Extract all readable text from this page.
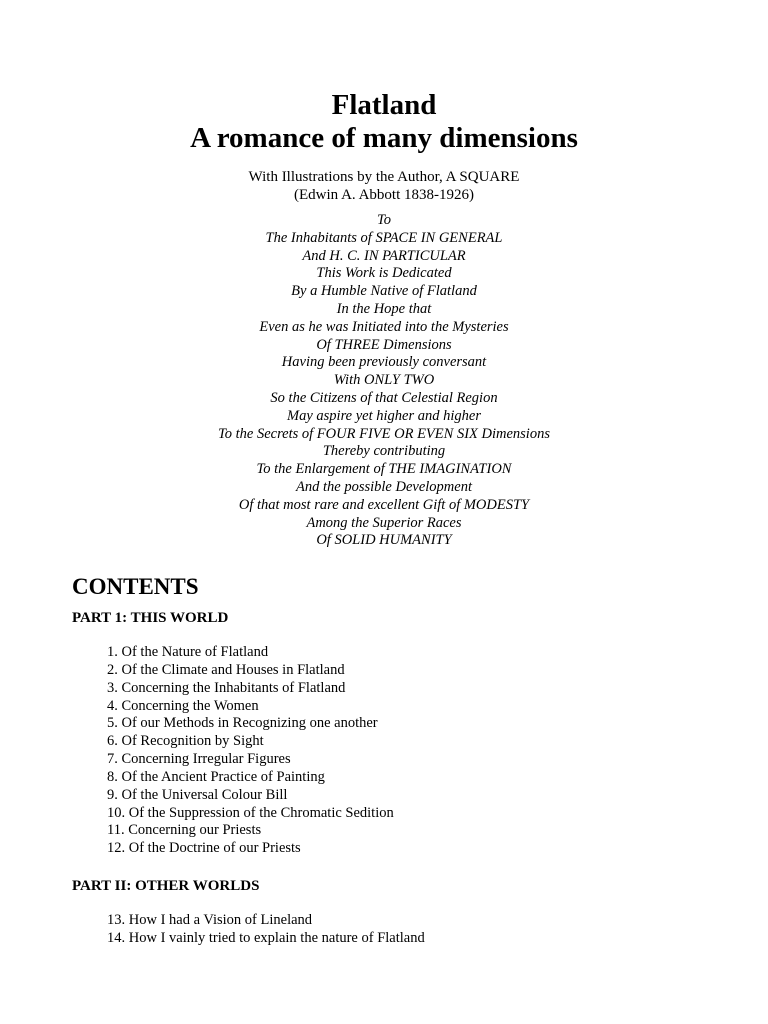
Flatland
A romance of many dimensions
With Illustrations by the Author, A SQUARE
(Edwin A. Abbott 1838-1926)
To
The Inhabitants of SPACE IN GENERAL
And H. C. IN PARTICULAR
This Work is Dedicated
By a Humble Native of Flatland
In the Hope that
Even as he was Initiated into the Mysteries
Of THREE Dimensions
Having been previously conversant
With ONLY TWO
So the Citizens of that Celestial Region
May aspire yet higher and higher
To the Secrets of FOUR FIVE OR EVEN SIX Dimensions
Thereby contributing
To the Enlargement of THE IMAGINATION
And the possible Development
Of that most rare and excellent Gift of MODESTY
Among the Superior Races
Of SOLID HUMANITY
CONTENTS
PART 1: THIS WORLD
1. Of the Nature of Flatland
2. Of the Climate and Houses in Flatland
3. Concerning the Inhabitants of Flatland
4. Concerning the Women
5. Of our Methods in Recognizing one another
6. Of Recognition by Sight
7. Concerning Irregular Figures
8. Of the Ancient Practice of Painting
9. Of the Universal Colour Bill
10. Of the Suppression of the Chromatic Sedition
11. Concerning our Priests
12. Of the Doctrine of our Priests
PART II: OTHER WORLDS
13. How I had a Vision of Lineland
14. How I vainly tried to explain the nature of Flatland
